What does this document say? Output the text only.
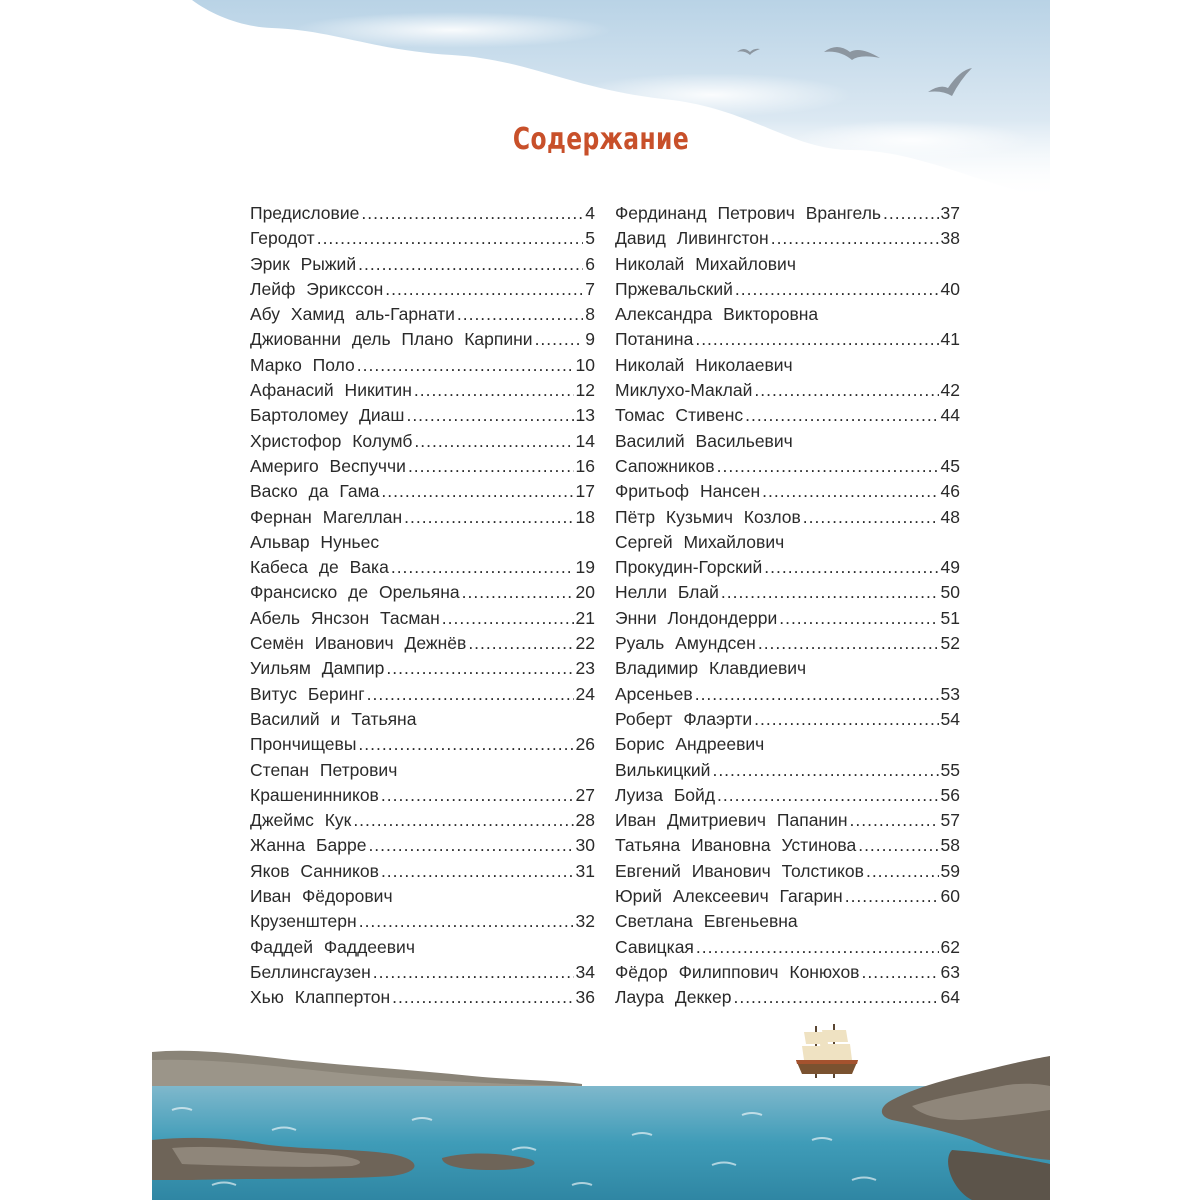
Содержание
Предисловие .....	4
Геродот .....	5
Эрик Рыжий .....	6
Лейф Эрикссон .....	7
Абу Хамид аль-Гарнати .....	8
Джиованни дель Плано Карпини .....	9
Марко Поло .....	10
Афанасий Никитин .....	12
Бартоломеу Диаш .....	13
Христофор Колумб .....	14
Америго Веспуччи .....	16
Васко да Гама .....	17
Фернан Магеллан .....	18
Альвар Нуньес
Кабеса де Вака .....	19
Франсиско де Орельяна .....	20
Абель Янсзон Тасман .....	21
Семён Иванович Дежнёв .....	22
Уильям Дампир .....	23
Витус Беринг .....	24
Василий и Татьяна
Прончищевы .....	26
Степан Петрович
Крашенинников .....	27
Джеймс Кук .....	28
Жанна Барре .....	30
Яков Санников .....	31
Иван Фёдорович
Крузенштерн .....	32
Фаддей Фаддеевич
Беллинсгаузен .....	34
Хью Клаппертон .....	36
Фердинанд Петрович Врангель .....	37
Давид Ливингстон .....	38
Николай Михайлович
Пржевальский .....	40
Александра Викторовна
Потанина .....	41
Николай Николаевич
Миклухо-Маклай .....	42
Томас Стивенс .....	44
Василий Васильевич
Сапожников .....	45
Фритьоф Нансен .....	46
Пётр Кузьмич Козлов .....	48
Сергей Михайлович
Прокудин-Горский .....	49
Нелли Блай .....	50
Энни Лондондерри .....	51
Руаль Амундсен .....	52
Владимир Клавдиевич
Арсеньев .....	53
Роберт Флаэрти .....	54
Борис Андреевич
Вилькицкий .....	55
Луиза Бойд .....	56
Иван Дмитриевич Папанин .....	57
Татьяна Ивановна Устинова .....	58
Евгений Иванович Толстиков .....	59
Юрий Алексеевич Гагарин .....	60
Светлана Евгеньевна
Савицкая .....	62
Фёдор Филиппович Конюхов .....	63
Лаура Деккер .....	64
